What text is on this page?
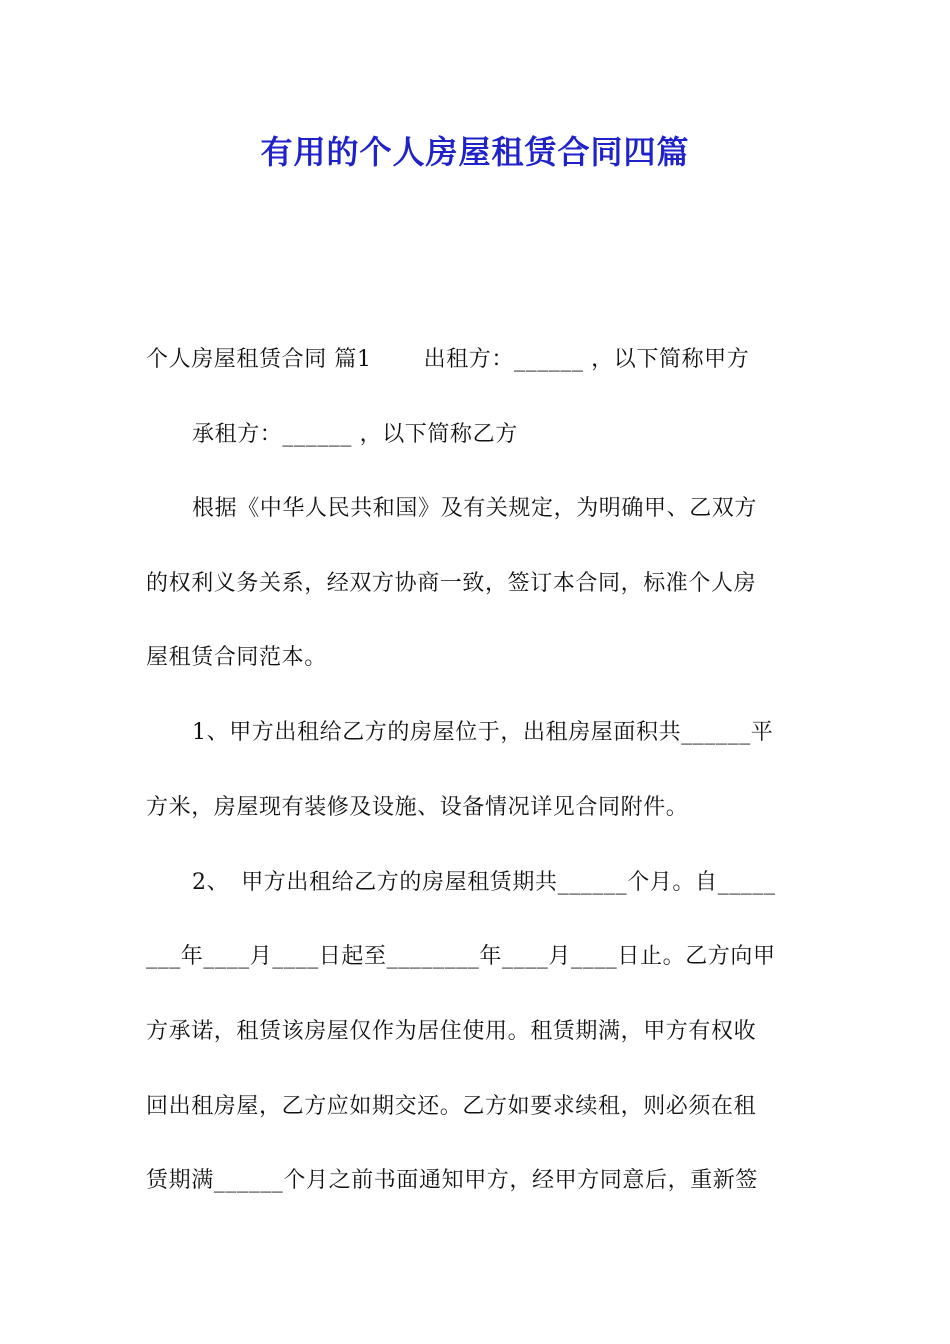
有用的个人房屋租赁合同四篇
个人房屋租赁合同 篇1 出租方：______ ，以下简称甲方
承租方：______ ，以下简称乙方
根据《中华人民共和国》及有关规定，为明确甲、乙双方
的权利义务关系，经双方协商一致，签订本合同，标准个人房
屋租赁合同范本。
1、甲方出租给乙方的房屋位于，出租房屋面积共______平
方米，房屋现有装修及设施、设备情况详见合同附件。
2、 甲方出租给乙方的房屋租赁期共______个月。自_____
___年____月____日起至________年____月____日止。乙方向甲
方承诺，租赁该房屋仅作为居住使用。租赁期满，甲方有权收
回出租房屋，乙方应如期交还。乙方如要求续租，则必须在租
赁期满______个月之前书面通知甲方，经甲方同意后，重新签
